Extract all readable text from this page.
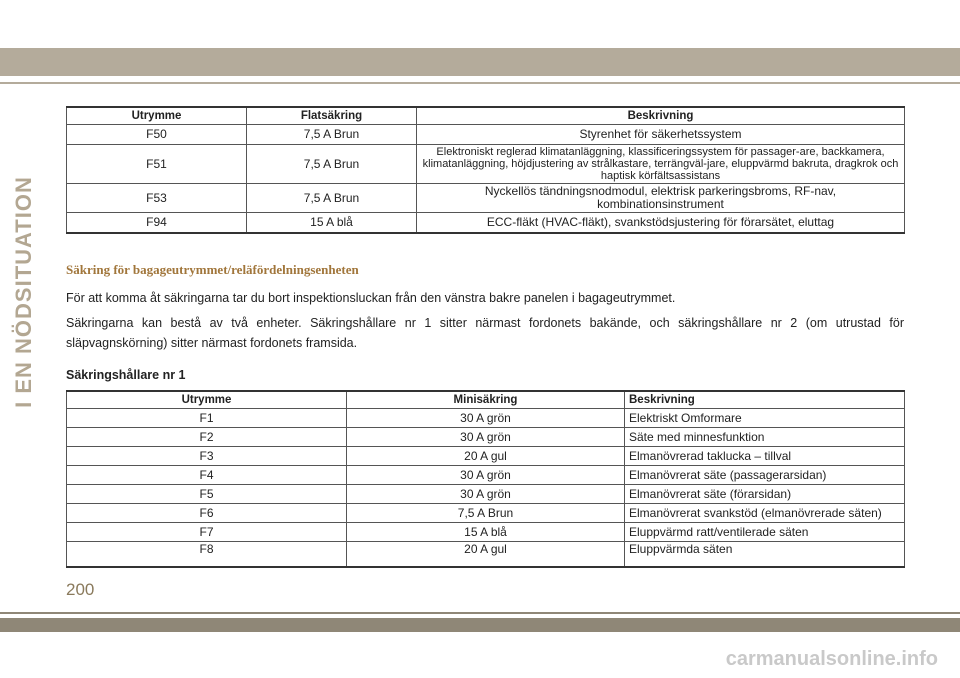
I EN NÖDSITUATION
Utrymme	Flatsäkring	Beskrivning
F50	7,5 A Brun	Styrenhet för säkerhetssystem
F51	7,5 A Brun	Elektroniskt reglerad klimatanläggning, klassificeringssystem för passager-are, backkamera, klimatanläggning, höjdjustering av strålkastare, terrängväl-jare, eluppvärmd bakruta, dragkrok och haptisk körfältsassistans
F53	7,5 A Brun	Nyckellös tändningsnodmodul, elektrisk parkeringsbroms, RF-nav, kombinationsinstrument
F94	15 A blå	ECC-fläkt (HVAC-fläkt), svankstödsjustering för förarsätet, eluttag
Säkring för bagageutrymmet/reläfördelningsenheten

För att komma åt säkringarna tar du bort inspektionsluckan från den vänstra bakre panelen i bagageutrymmet.

Säkringarna kan bestå av två enheter. Säkringshållare nr 1 sitter närmast fordonets bakände, och säkringshållare nr 2 (om utrustad för släpvagnskörning) sitter närmast fordonets framsida.

Säkringshållare nr 1

Utrymme	Minisäkring	Beskrivning
F1	30 A grön	Elektriskt Omformare
F2	30 A grön	Säte med minnesfunktion
F3	20 A gul	Elmanövrerad taklucka – tillval
F4	30 A grön	Elmanövrerat säte (passagerarsidan)
F5	30 A grön	Elmanövrerat säte (förarsidan)
F6	7,5 A Brun	Elmanövrerat svankstöd (elmanövrerade säten)
F7	15 A blå	Eluppvärmd ratt/ventilerade säten
F8	20 A gul	Eluppvärmda säten
200
carmanualsonline.info
